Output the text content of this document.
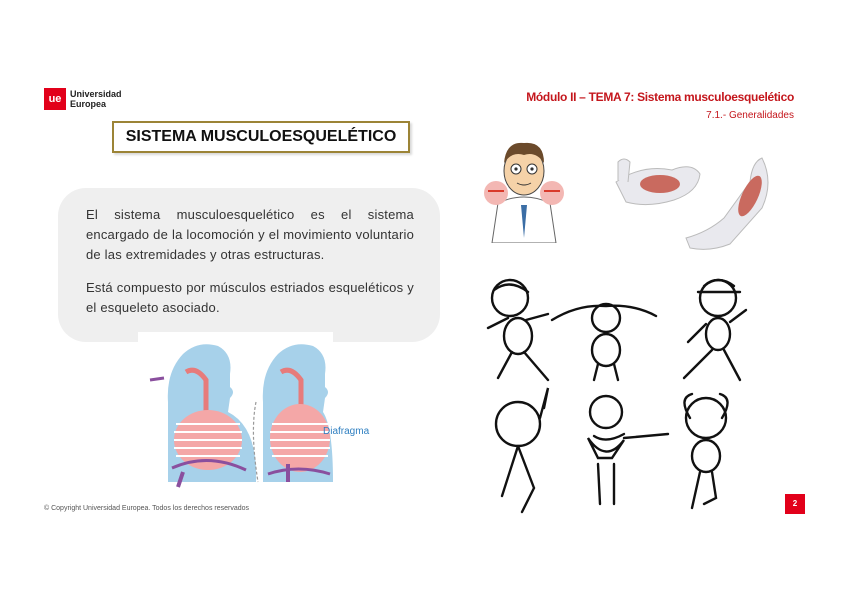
ue Universidad
Europea	Módulo II – TEMA 7: Sistema musculoesquelético
7.1.- Generalidades
SISTEMA MUSCULOESQUELÉTICO
El sistema musculoesquelético es el sistema encargado de la locomoción y el movimiento voluntario de las extremidades y otras estructuras.
Está compuesto por músculos estriados esqueléticos y el esqueleto asociado.
Diafragma
© Copyright Universidad Europea. Todos los derechos reservados
2
